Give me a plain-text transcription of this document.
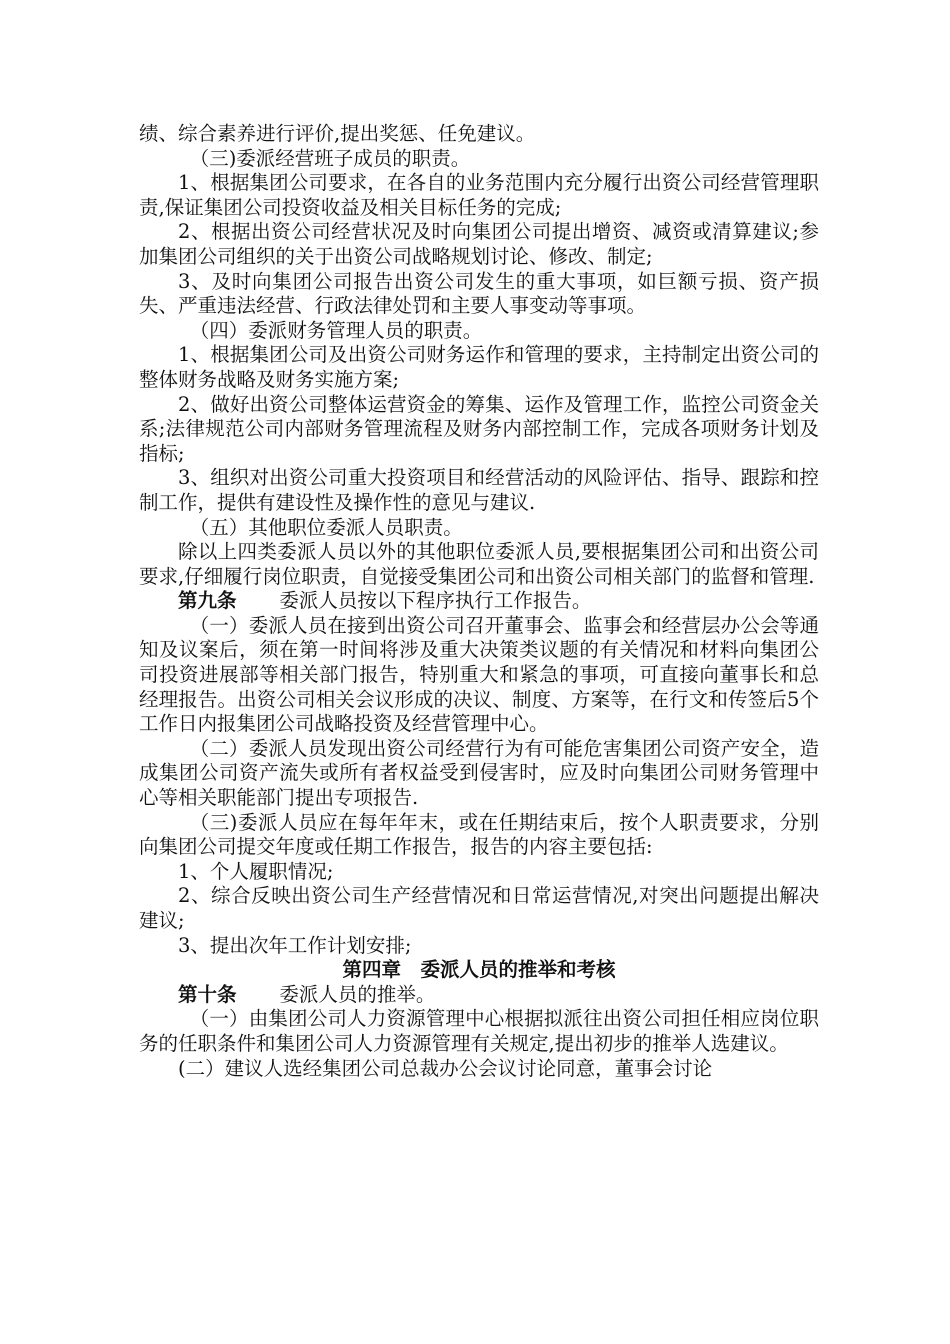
绩、综合素养进行评价,提出奖惩、任免建议。

（三)委派经营班子成员的职责。

1、根据集团公司要求，在各自的业务范围内充分履行出资公司经营管理职责,保证集团公司投资收益及相关目标任务的完成;

2、根据出资公司经营状况及时向集团公司提出增资、减资或清算建议;参加集团公司组织的关于出资公司战略规划讨论、修改、制定;

3、及时向集团公司报告出资公司发生的重大事项，如巨额亏损、资产损失、严重违法经营、行政法律处罚和主要人事变动等事项。

（四）委派财务管理人员的职责。

1、根据集团公司及出资公司财务运作和管理的要求，主持制定出资公司的整体财务战略及财务实施方案;

2、做好出资公司整体运营资金的筹集、运作及管理工作，监控公司资金关系;法律规范公司内部财务管理流程及财务内部控制工作，完成各项财务计划及指标;

3、组织对出资公司重大投资项目和经营活动的风险评估、指导、跟踪和控制工作，提供有建设性及操作性的意见与建议.

（五）其他职位委派人员职责。

除以上四类委派人员以外的其他职位委派人员,要根据集团公司和出资公司要求,仔细履行岗位职责，自觉接受集团公司和出资公司相关部门的监督和管理.

第九条 委派人员按以下程序执行工作报告。

（一）委派人员在接到出资公司召开董事会、监事会和经营层办公会等通知及议案后，须在第一时间将涉及重大决策类议题的有关情况和材料向集团公司投资进展部等相关部门报告，特别重大和紧急的事项，可直接向董事长和总经理报告。出资公司相关会议形成的决议、制度、方案等，在行文和传签后5个工作日内报集团公司战略投资及经营管理中心。

（二）委派人员发现出资公司经营行为有可能危害集团公司资产安全，造成集团公司资产流失或所有者权益受到侵害时，应及时向集团公司财务管理中心等相关职能部门提出专项报告.

（三)委派人员应在每年年末，或在任期结束后，按个人职责要求，分别向集团公司提交年度或任期工作报告，报告的内容主要包括:

1、个人履职情况;

2、综合反映出资公司生产经营情况和日常运营情况,对突出问题提出解决建议;

3、提出次年工作计划安排;

第四章　委派人员的推举和考核

第十条 委派人员的推举。

（一）由集团公司人力资源管理中心根据拟派往出资公司担任相应岗位职务的任职条件和集团公司人力资源管理有关规定,提出初步的推举人选建议。

(二）建议人选经集团公司总裁办公会议讨论同意，董事会讨论
